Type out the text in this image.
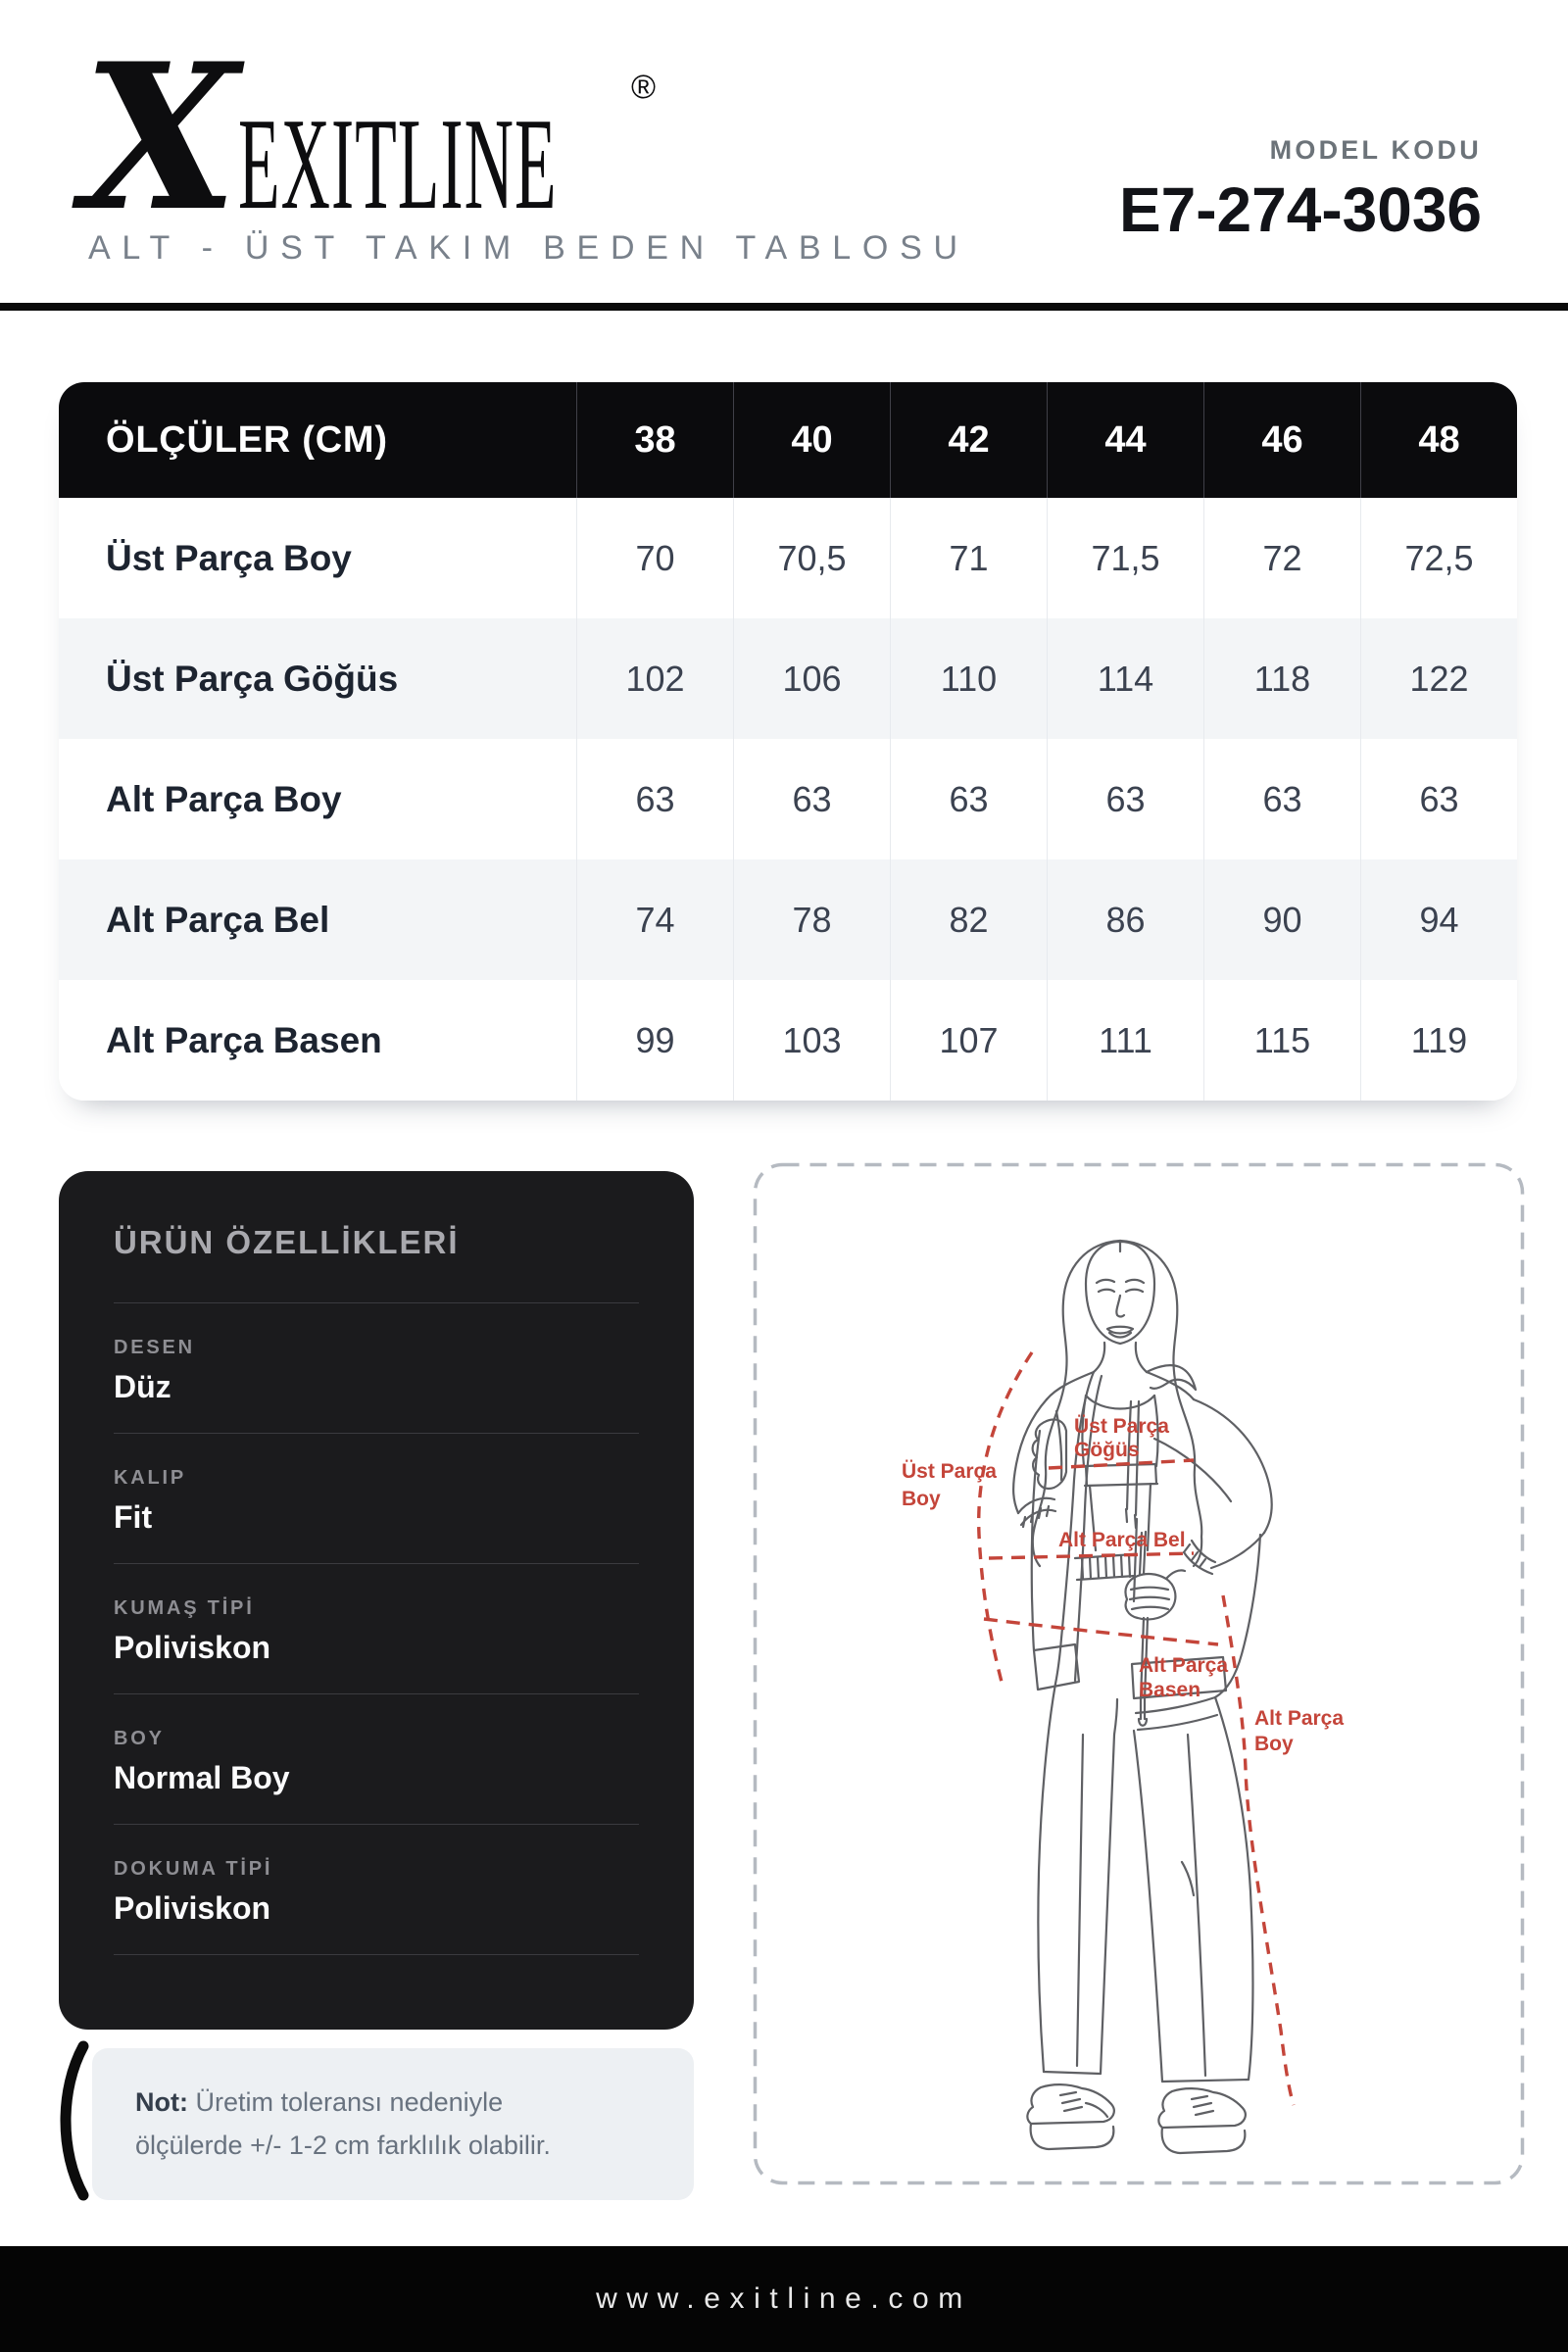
XEXITLINE
®
ALT - ÜST TAKIM BEDEN TABLOSU
MODEL KODU
E7-274-3036
ÖLÇÜLER (CM)	38	40	42	44	46	48
Üst Parça Boy	70	70,5	71	71,5	72	72,5
Üst Parça Göğüs	102	106	110	114	118	122
Alt Parça Boy	63	63	63	63	63	63
Alt Parça Bel	74	78	82	86	90	94
Alt Parça Basen	99	103	107	111	115	119
ÜRÜN ÖZELLİKLERİ
DESEN
Düz
KALIP
Fit
KUMAŞ TİPİ
Poliviskon
BOY
Normal Boy
DOKUMA TİPİ
Poliviskon
Not: Üretim toleransı nedeniyle
ölçülerde +/- 1-2 cm farklılık olabilir.
Üst Parça
Boy
Üst Parça
Göğüs
Alt Parça Bel
Alt Parça
Basen
Alt Parça
Boy
www.exitline.com
